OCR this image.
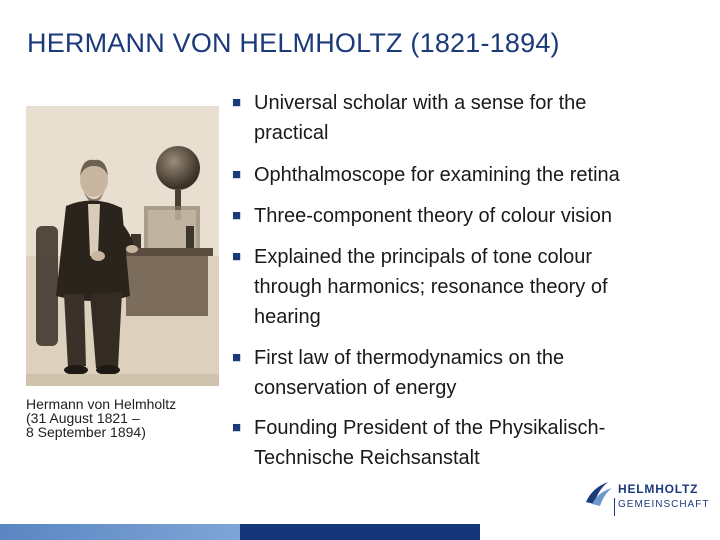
HERMANN VON HELMHOLTZ (1821-1894)
Hermann von Helmholtz
(31 August 1821 –
8 September 1894)
■ Universal scholar with a sense for the
practical
■ Ophthalmoscope for examining the retina
■ Three-component theory of colour vision
■ Explained the principals of tone colour
through harmonics; resonance theory of
hearing
■ First law of thermodynamics on the
conservation of energy
■ Founding President of the Physikalisch-
Technische Reichsanstalt
HELMHOLTZ
GEMEINSCHAFT
